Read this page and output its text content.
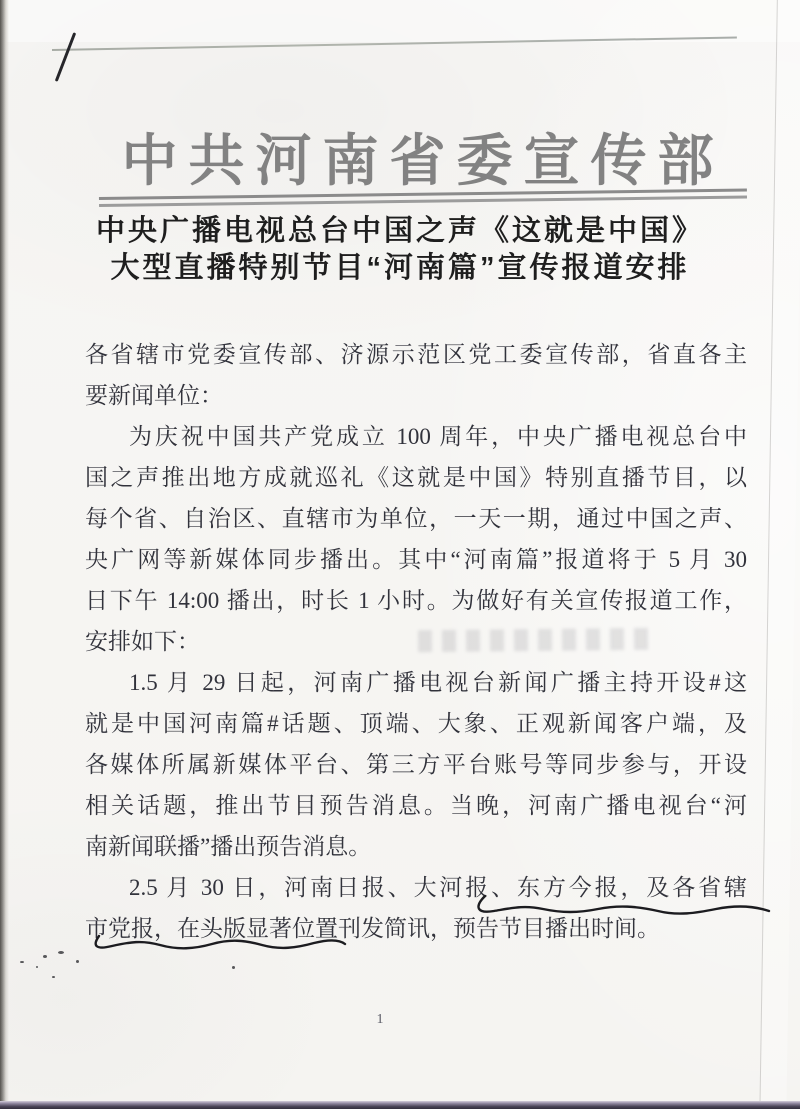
中共河南省委宣传部
中央广播电视总台中国之声《这就是中国》
大型直播特别节目“河南篇”宣传报道安排
各省辖市党委宣传部、济源示范区党工委宣传部，省直各主
要新闻单位：
为庆祝中国共产党成立 100 周年，中央广播电视总台中
国之声推出地方成就巡礼《这就是中国》特别直播节目，以
每个省、自治区、直辖市为单位，一天一期，通过中国之声、
央广网等新媒体同步播出。其中“河南篇”报道将于 5 月 30
日下午 14:00 播出，时长 1 小时。为做好有关宣传报道工作，
安排如下：
1.5 月 29 日起，河南广播电视台新闻广播主持开设#这
就是中国河南篇#话题、顶端、大象、正观新闻客户端，及
各媒体所属新媒体平台、第三方平台账号等同步参与，开设
相关话题，推出节目预告消息。当晚，河南广播电视台“河
南新闻联播”播出预告消息。
2.5 月 30 日，河南日报、大河报、东方今报，及各省辖
市党报，在头版显著位置刊发简讯，预告节目播出时间。
1
